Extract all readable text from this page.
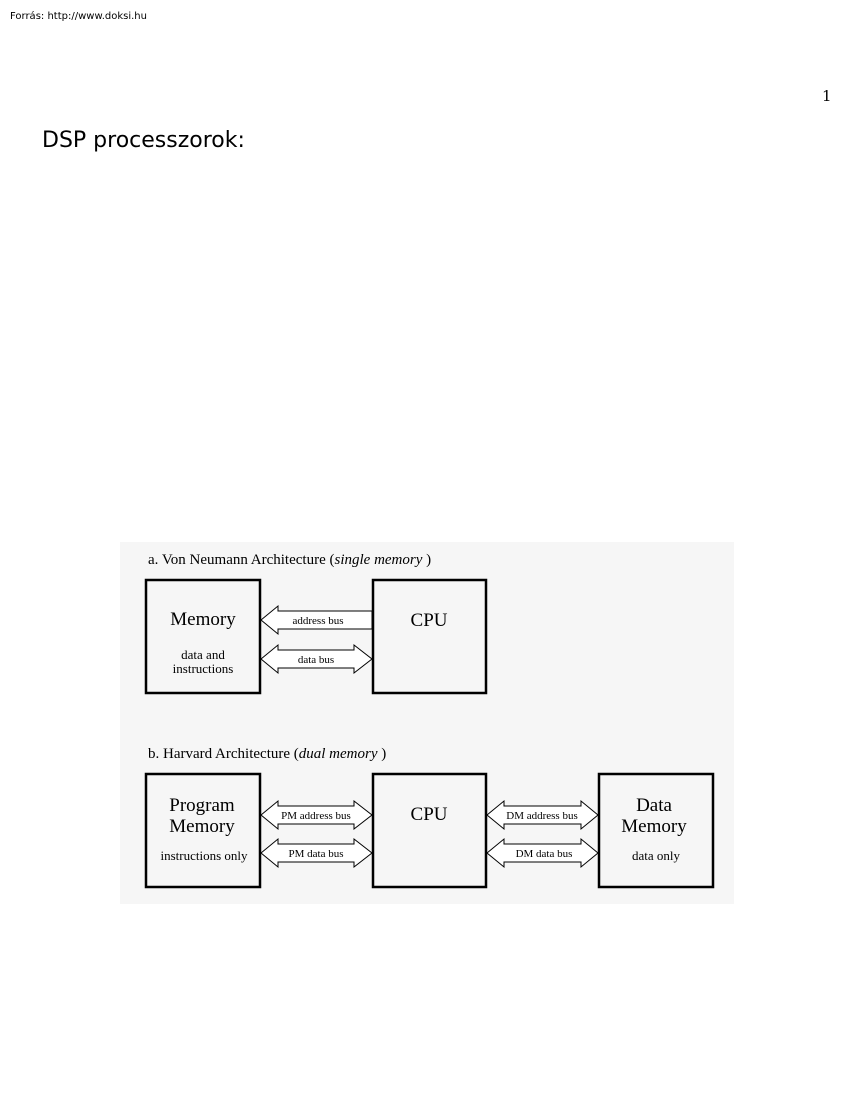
Forrás: http://www.doksi.hu
1
DSP processzorok:
a. Von Neumann Architecture (single memory )
Memory
data and
instructions
CPU
address bus
data bus
b. Harvard Architecture (dual memory )
Program
Memory
instructions only
CPU	Data
Memory
data only
PM address bus
PM data bus
DM address bus
DM data bus
